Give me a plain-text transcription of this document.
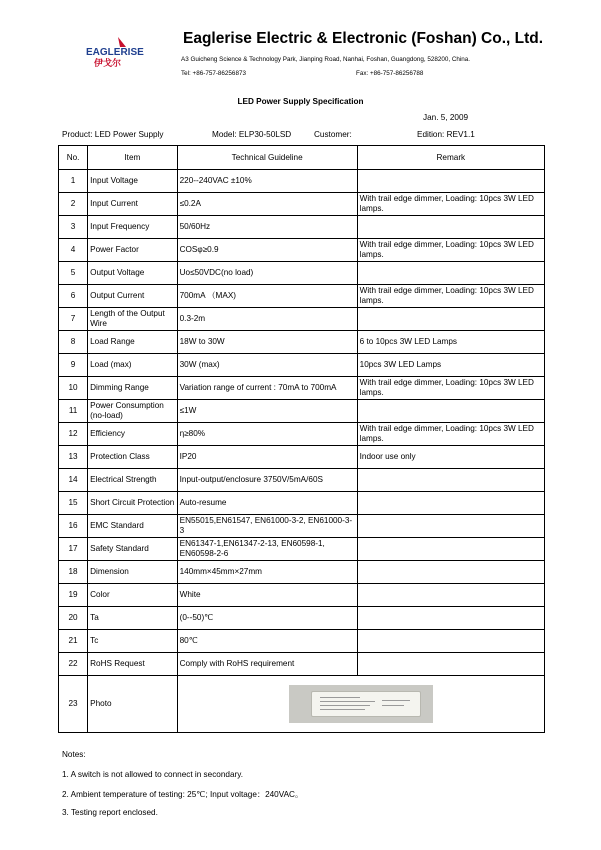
EAGLERISE
伊戈尔
Eaglerise Electric & Electronic (Foshan) Co., Ltd.
A3 Guicheng Science & Technology Park, Jianping Road, Nanhai, Foshan, Guangdong, 528200, China.
Tel: +86-757-86256873	Fax: +86-757-86256788
LED Power Supply Specification
Jan. 5, 2009
Product: LED Power Supply	Model: ELP30-50LSD	Customer:	Edition: REV1.1
No.	Item	Technical Guideline	Remark
1	Input Voltage	220--240VAC ±10%	
2	Input Current	≤0.2A	With trail edge dimmer, Loading: 10pcs 3W LED lamps.
3	Input Frequency	50/60Hz	
4	Power Factor	COSφ≥0.9	With trail edge dimmer, Loading: 10pcs 3W LED lamps.
5	Output Voltage	Uo≤50VDC(no load)	
6	Output Current	700mA （MAX)	With trail edge dimmer, Loading: 10pcs 3W LED lamps.
7	Length of the Output Wire	0.3-2m	
8	Load Range	18W to 30W	6 to 10pcs 3W LED Lamps
9	Load (max)	30W (max)	10pcs 3W LED Lamps
10	Dimming Range	Variation range of current : 70mA to 700mA	With trail edge dimmer, Loading: 10pcs 3W LED lamps.
11	Power Consumption (no-load)	≤1W	
12	Efficiency	η≥80%	With trail edge dimmer, Loading: 10pcs 3W LED lamps.
13	Protection Class	IP20	Indoor use only
14	Electrical Strength	Input-output/enclosure 3750V/5mA/60S	
15	Short Circuit Protection	Auto-resume	
16	EMC Standard	EN55015,EN61547, EN61000-3-2, EN61000-3-3	
17	Safety Standard	EN61347-1,EN61347-2-13, EN60598-1, EN60598-2-6	
18	Dimension	140mm×45mm×27mm	
19	Color	White	
20	Ta	(0--50)℃	
21	Tc	80℃	
22	RoHS Request	Comply with RoHS requirement	
23	Photo		
Notes:
1. A switch is not allowed to connect in secondary.
2. Ambient temperature of testing: 25℃; Input voltage：240VAC。
3. Testing report enclosed.
